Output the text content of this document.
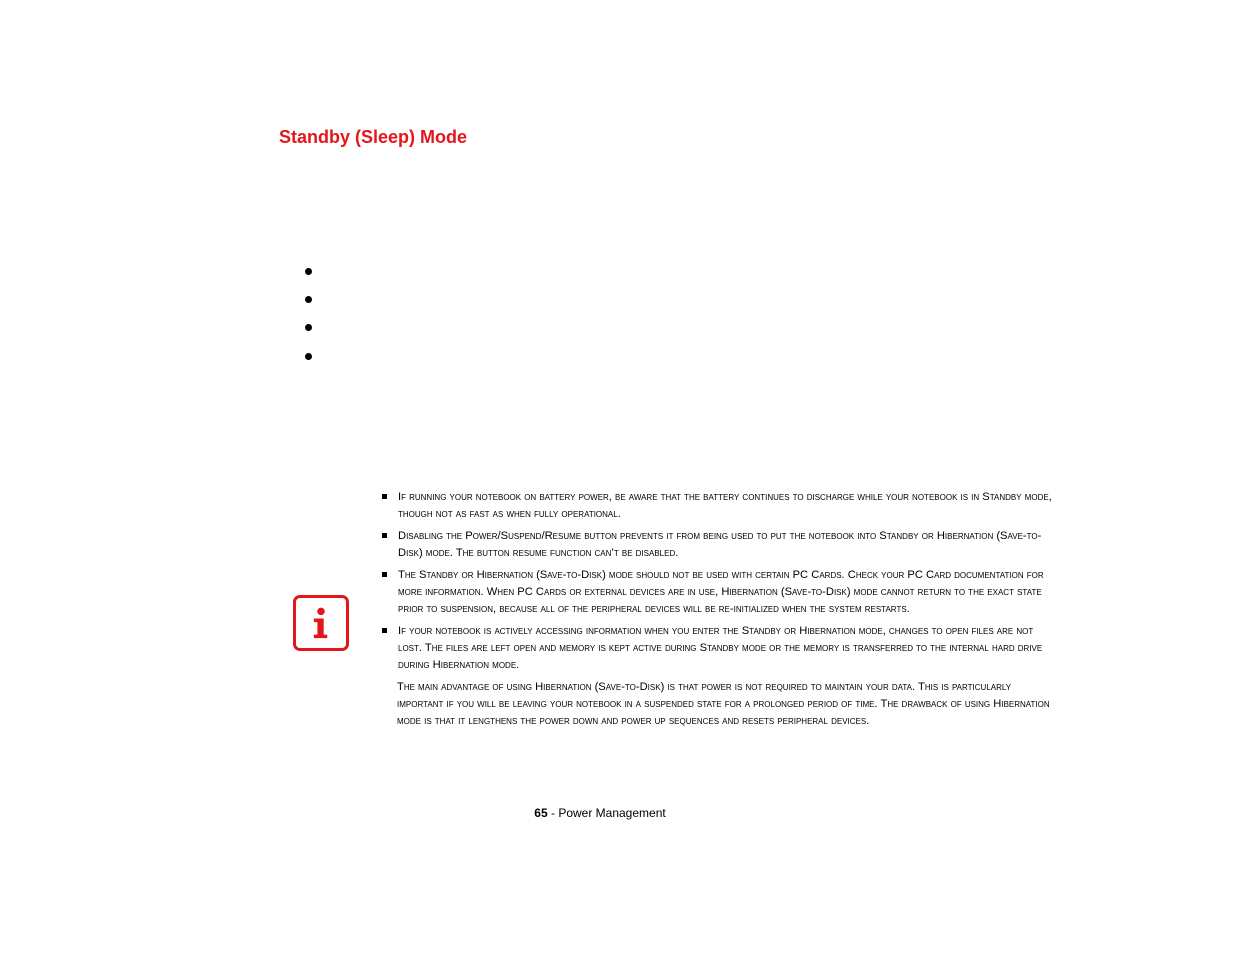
Standby (Sleep) Mode
If running your notebook on battery power, be aware that the battery continues to discharge while your notebook is in Standby mode, though not as fast as when fully operational.
Disabling the Power/Suspend/Resume button prevents it from being used to put the notebook into Standby or Hibernation (Save-to-Disk) mode. The button resume function can’t be disabled.
The Standby or Hibernation (Save-to-Disk) mode should not be used with certain PC Cards. Check your PC Card documentation for more information. When PC Cards or external devices are in use, Hibernation (Save-to-Disk) mode cannot return to the exact state prior to suspension, because all of the peripheral devices will be re-initialized when the system restarts.
If your notebook is actively accessing information when you enter the Standby or Hibernation mode, changes to open files are not lost. The files are left open and memory is kept active during Standby mode or the memory is transferred to the internal hard drive during Hibernation mode.
The main advantage of using Hibernation (Save-to-Disk) is that power is not required to maintain your data. This is particularly important if you will be leaving your notebook in a suspended state for a prolonged period of time. The drawback of using Hibernation mode is that it lengthens the power down and power up sequences and resets peripheral devices.
65 - Power Management
